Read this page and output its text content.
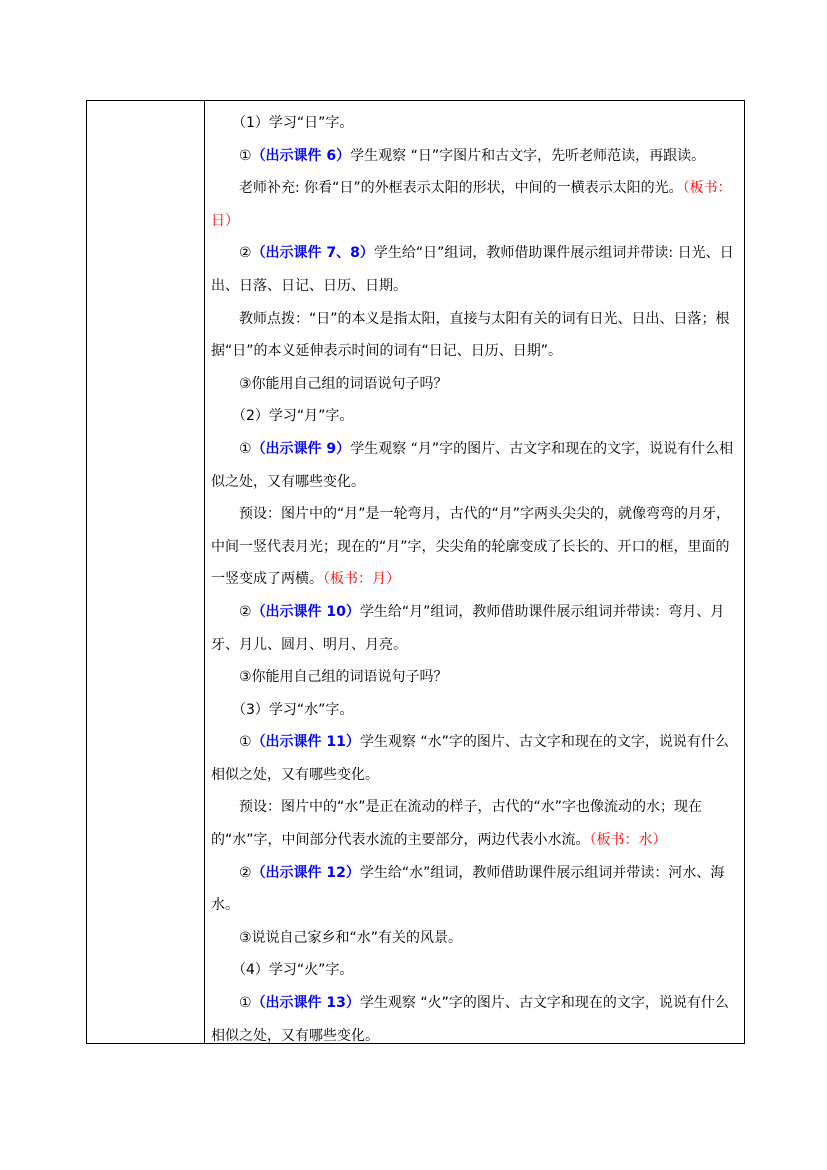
（1）学习“日”字。

①（出示课件 6）学生观察 “日”字图片和古文字，先听老师范读，再跟读。

老师补充: 你看“日”的外框表示太阳的形状，中间的一横表示太阳的光。（板书：日）

②（出示课件 7、8）学生给“日”组词，教师借助课件展示组词并带读: 日光、日出、日落、日记、日历、日期。

教师点拨：“日”的本义是指太阳，直接与太阳有关的词有日光、日出、日落；根据“日”的本义延伸表示时间的词有“日记、日历、日期”。

③你能用自己组的词语说句子吗？

（2）学习“月”字。

①（出示课件 9）学生观察 “月”字的图片、古文字和现在的文字，说说有什么相似之处，又有哪些变化。

预设：图片中的“月”是一轮弯月，古代的“月”字两头尖尖的，就像弯弯的月牙，中间一竖代表月光；现在的“月”字，尖尖角的轮廓变成了长长的、开口的框，里面的一竖变成了两横。（板书：月）

②（出示课件 10）学生给“月”组词，教师借助课件展示组词并带读：弯月、月牙、月儿、圆月、明月、月亮。

③你能用自己组的词语说句子吗？

（3）学习“水”字。

①（出示课件 11）学生观察 “水”字的图片、古文字和现在的文字，说说有什么相似之处，又有哪些变化。

预设：图片中的“水”是正在流动的样子，古代的“水”字也像流动的水；现在的“水”字，中间部分代表水流的主要部分，两边代表小水流。（板书：水）

②（出示课件 12）学生给“水”组词，教师借助课件展示组词并带读：河水、海水。

③说说自己家乡和“水”有关的风景。

（4）学习“火”字。

①（出示课件 13）学生观察 “火”字的图片、古文字和现在的文字，说说有什么相似之处，又有哪些变化。
